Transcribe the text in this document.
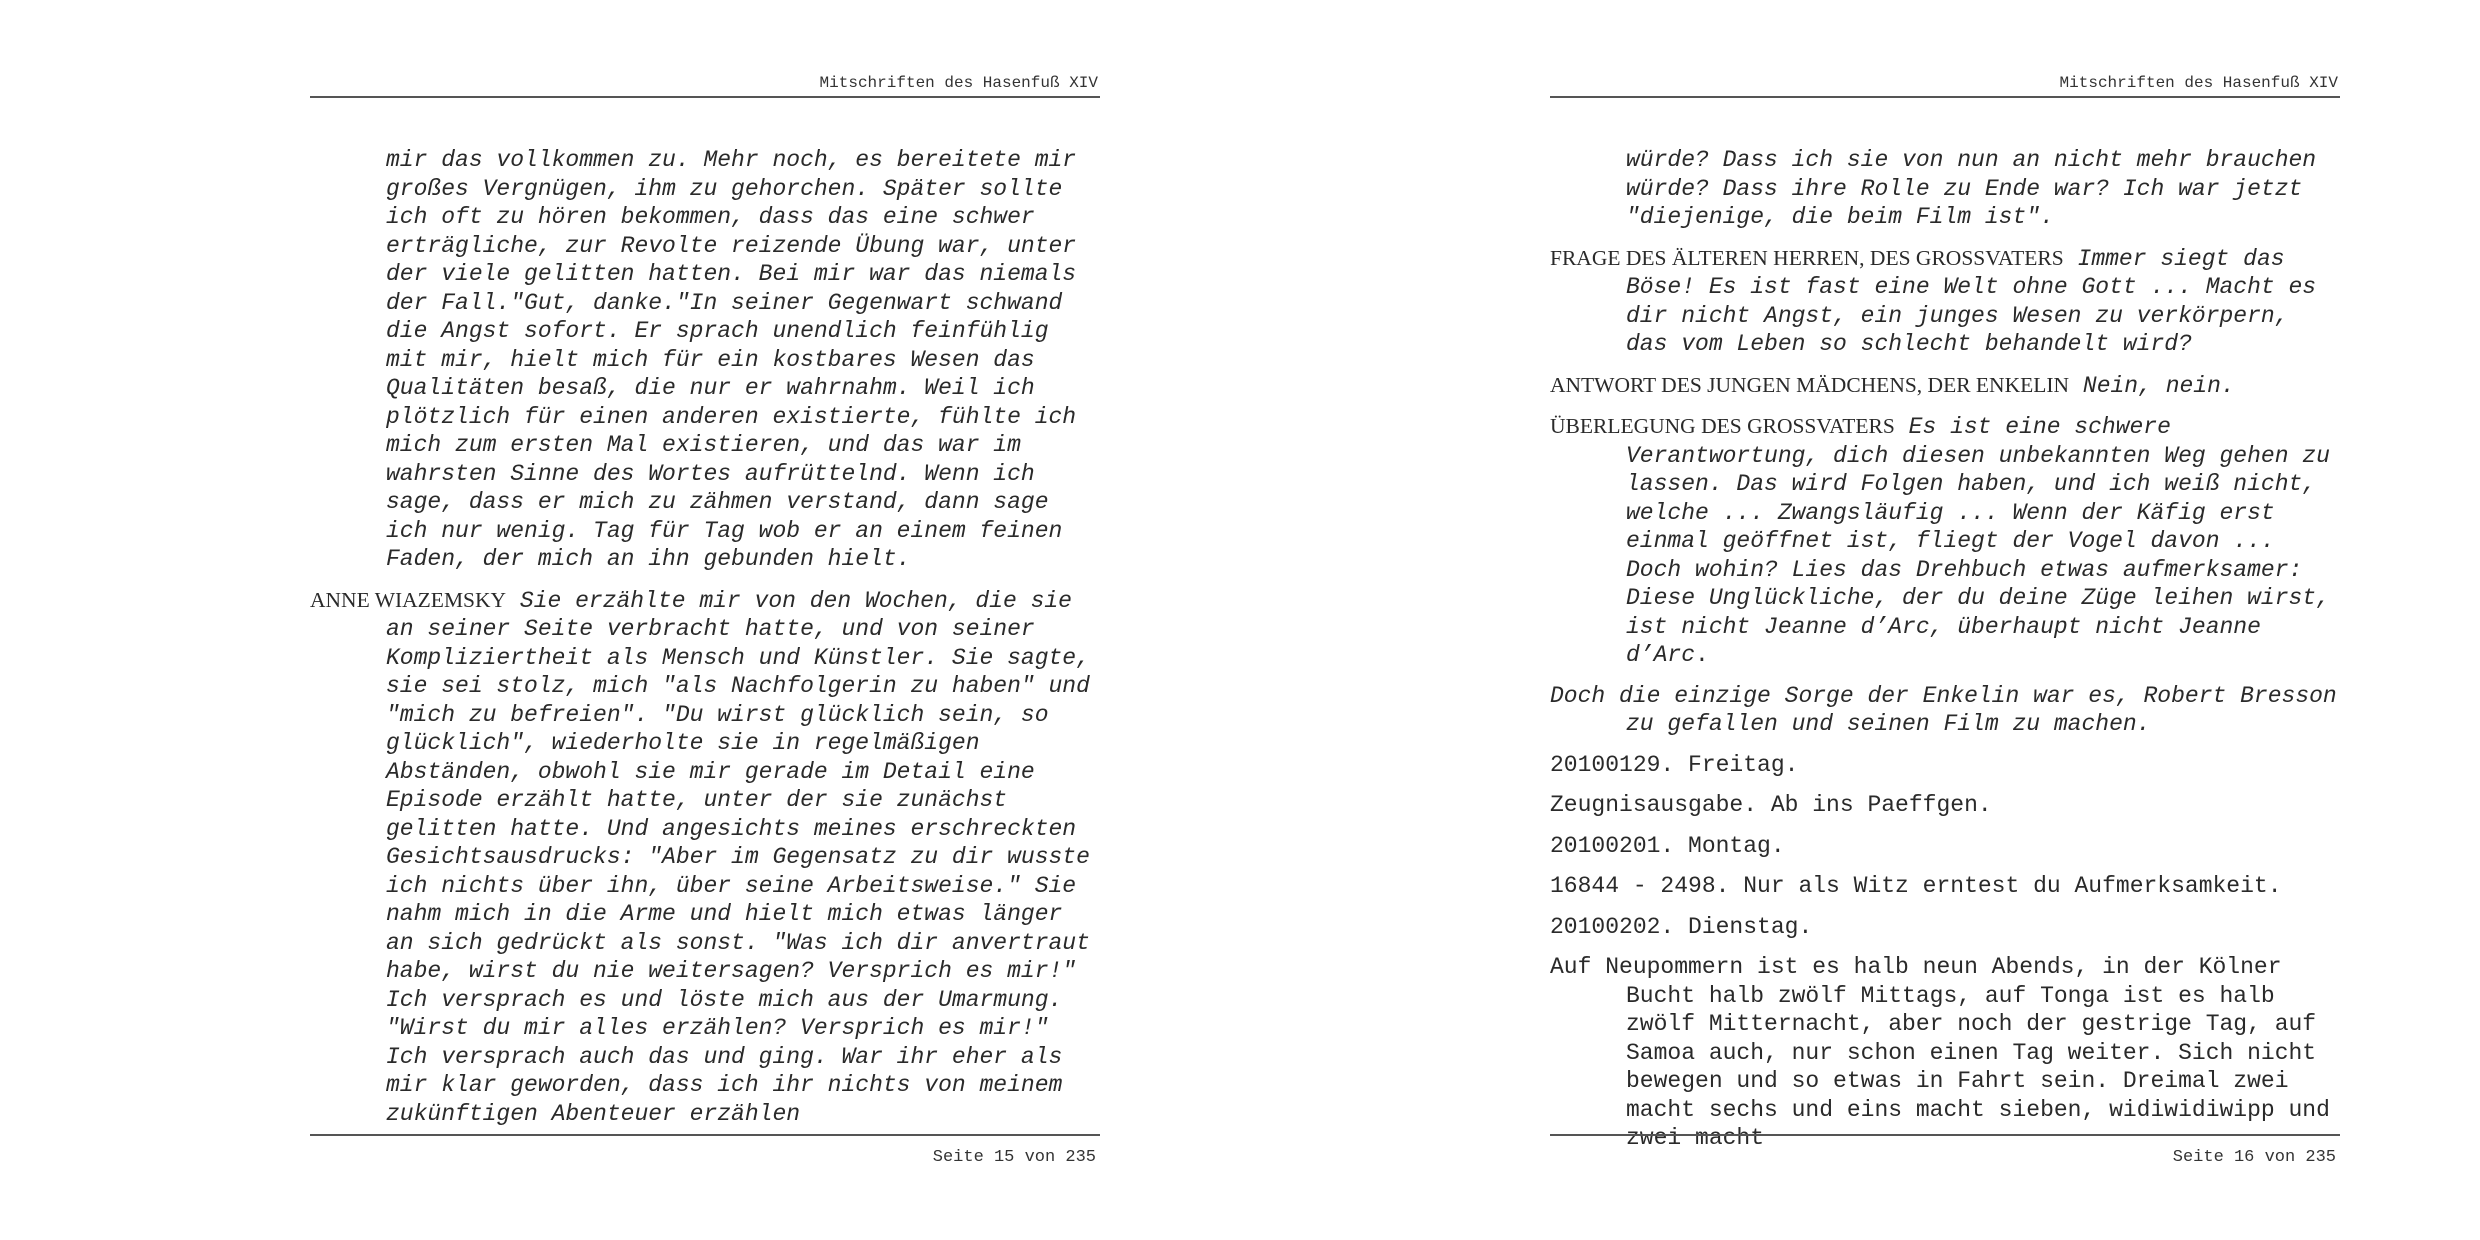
Mitschriften des Hasenfuß XIV

mir das vollkommen zu. Mehr noch, es bereitete mir großes Vergnügen, ihm zu gehorchen. Später sollte ich oft zu hören bekommen, dass das eine schwer erträgliche, zur Revolte reizende Übung war, unter der viele gelitten hatten. Bei mir war das niemals der Fall."Gut, danke."In seiner Gegenwart schwand die Angst sofort. Er sprach unendlich feinfühlig mit mir, hielt mich für ein kostbares Wesen das Qualitäten besaß, die nur er wahrnahm. Weil ich plötzlich für einen anderen existierte, fühlte ich mich zum ersten Mal existieren, und das war im wahrsten Sinne des Wortes aufrüttelnd. Wenn ich sage, dass er mich zu zähmen verstand, dann sage ich nur wenig. Tag für Tag wob er an einem feinen Faden, der mich an ihn gebunden hielt.

ANNE WIAZEMSKY Sie erzählte mir von den Wochen, die sie an seiner Seite verbracht hatte, und von seiner Kompliziertheit als Mensch und Künstler. Sie sagte, sie sei stolz, mich "als Nachfolgerin zu haben" und "mich zu befreien". "Du wirst glücklich sein, so glücklich", wiederholte sie in regelmäßigen Abständen, obwohl sie mir gerade im Detail eine Episode erzählt hatte, unter der sie zunächst gelitten hatte. Und angesichts meines erschreckten Gesichtsausdrucks: "Aber im Gegensatz zu dir wusste ich nichts über ihn, über seine Arbeitsweise." Sie nahm mich in die Arme und hielt mich etwas länger an sich gedrückt als sonst. "Was ich dir anvertraut habe, wirst du nie weitersagen? Versprich es mir!" Ich versprach es und löste mich aus der Umarmung. "Wirst du mir alles erzählen? Versprich es mir!" Ich versprach auch das und ging. War ihr eher als mir klar geworden, dass ich ihr nichts von meinem zukünftigen Abenteuer erzählen

Seite 15 von 235
Mitschriften des Hasenfuß XIV

würde? Dass ich sie von nun an nicht mehr brauchen würde? Dass ihre Rolle zu Ende war? Ich war jetzt "diejenige, die beim Film ist".

FRAGE DES ÄLTEREN HERREN, DES GROSSVATERS Immer siegt das Böse! Es ist fast eine Welt ohne Gott ... Macht es dir nicht Angst, ein junges Wesen zu verkörpern, das vom Leben so schlecht behandelt wird?

ANTWORT DES JUNGEN MÄDCHENS, DER ENKELIN Nein, nein.

ÜBERLEGUNG DES GROSSVATERS Es ist eine schwere Verantwortung, dich diesen unbekannten Weg gehen zu lassen. Das wird Folgen haben, und ich weiß nicht, welche ... Zwangsläufig ... Wenn der Käfig erst einmal geöffnet ist, fliegt der Vogel davon ... Doch wohin? Lies das Drehbuch etwas aufmerksamer: Diese Unglückliche, der du deine Züge leihen wirst, ist nicht Jeanne d’Arc, überhaupt nicht Jeanne d’Arc.

Doch die einzige Sorge der Enkelin war es, Robert Bresson zu gefallen und seinen Film zu machen.

20100129. Freitag.

Zeugnisausgabe. Ab ins Paeffgen.

20100201. Montag.

16844 - 2498. Nur als Witz erntest du Aufmerksamkeit.

20100202. Dienstag.

Auf Neupommern ist es halb neun Abends, in der Kölner Bucht halb zwölf Mittags, auf Tonga ist es halb zwölf Mitternacht, aber noch der gestrige Tag, auf Samoa auch, nur schon einen Tag weiter. Sich nicht bewegen und so etwas in Fahrt sein. Dreimal zwei macht sechs und eins macht sieben, widiwidiwipp und zwei macht

Seite 16 von 235
